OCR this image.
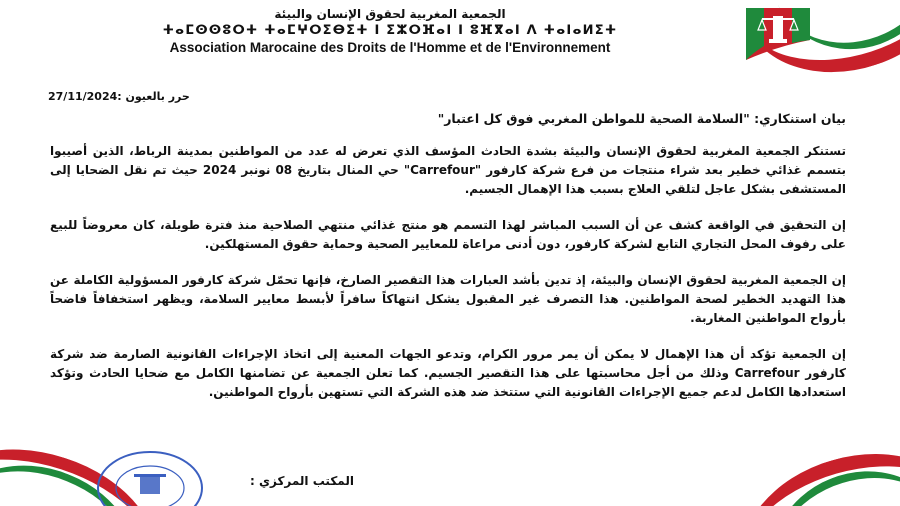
الجمعية المغربية لحقوق الإنسان والبيئة
ⵜⴰⵎⵙⵙⵓⵔⵜ ⵜⴰⵎⵖⵔⵉⴱⵉⵜ ⵏ ⵉⵣⵔⴼⴰⵏ ⵏ ⵓⴼⴳⴰⵏ ⴷ ⵜⴰⵏⴰⵍⵉⵜ
Association Marocaine des Droits de l'Homme et de l'Environnement
حرر بالعيون :27/11/2024
بيان استنكاري: "السلامة الصحية للمواطن المغربي فوق كل اعتبار"

تستنكر الجمعية المغربية لحقوق الإنسان والبيئة بشدة الحادث المؤسف الذي تعرض له عدد من المواطنين بمدينة الرباط، الذين أصيبوا بتسمم غذائي خطير بعد شراء منتجات من فرع شركة كارفور "Carrefour" حي المنال بتاريخ 08 نونبر 2024 حيث تم نقل الضحايا إلى المستشفى بشكل عاجل لتلقي العلاج بسبب هذا الإهمال الجسيم.

إن التحقيق في الواقعة كشف عن أن السبب المباشر لهذا التسمم هو منتج غذائي منتهي الصلاحية منذ فترة طويلة، كان معروضاً للبيع على رفوف المحل التجاري التابع لشركة كارفور، دون أدنى مراعاة للمعايير الصحية وحماية حقوق المستهلكين.

إن الجمعية المغربية لحقوق الإنسان والبيئة، إذ تدين بأشد العبارات هذا التقصير الصارخ، فإنها تحمّل شركة كارفور المسؤولية الكاملة عن هذا التهديد الخطير لصحة المواطنين. هذا التصرف غير المقبول يشكل انتهاكاً سافراً لأبسط معايير السلامة، ويظهر استخفافاً فاضحاً بأرواح المواطنين المغاربة.

إن الجمعية تؤكد أن هذا الإهمال لا يمكن أن يمر مرور الكرام، وتدعو الجهات المعنية إلى اتخاذ الإجراءات القانونية الصارمة ضد شركة كارفور Carrefour وذلك من أجل محاسبتها على هذا التقصير الجسيم. كما تعلن الجمعية عن تضامنها الكامل مع ضحايا الحادث وتؤكد استعدادها الكامل لدعم جميع الإجراءات القانونية التي ستتخذ ضد هذه الشركة التي تستهين بأرواح المواطنين.

المكتب المركزي :
